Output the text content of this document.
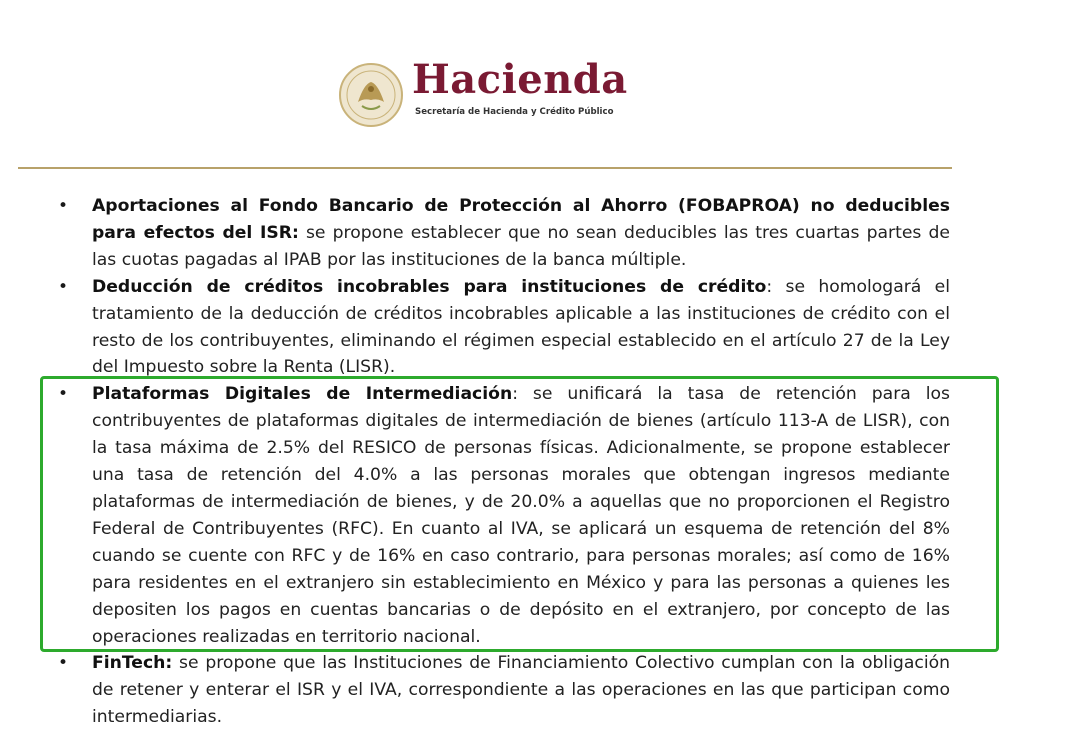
Hacienda
Secretaría de Hacienda y Crédito Público
• Aportaciones al Fondo Bancario de Protección al Ahorro (FOBAPROA) no deducibles para efectos del ISR: se propone establecer que no sean deducibles las tres cuartas partes de las cuotas pagadas al IPAB por las instituciones de la banca múltiple.
• Deducción de créditos incobrables para instituciones de crédito: se homologará el tratamiento de la deducción de créditos incobrables aplicable a las instituciones de crédito con el resto de los contribuyentes, eliminando el régimen especial establecido en el artículo 27 de la Ley del Impuesto sobre la Renta (LISR).
• Plataformas Digitales de Intermediación: se unificará la tasa de retención para los contribuyentes de plataformas digitales de intermediación de bienes (artículo 113-A de LISR), con la tasa máxima de 2.5% del RESICO de personas físicas. Adicionalmente, se propone establecer una tasa de retención del 4.0% a las personas morales que obtengan ingresos mediante plataformas de intermediación de bienes, y de 20.0% a aquellas que no proporcionen el Registro Federal de Contribuyentes (RFC). En cuanto al IVA, se aplicará un esquema de retención del 8% cuando se cuente con RFC y de 16% en caso contrario, para personas morales; así como de 16% para residentes en el extranjero sin establecimiento en México y para las personas a quienes les depositen los pagos en cuentas bancarias o de depósito en el extranjero, por concepto de las operaciones realizadas en territorio nacional.
• FinTech: se propone que las Instituciones de Financiamiento Colectivo cumplan con la obligación de retener y enterar el ISR y el IVA, correspondiente a las operaciones en las que participan como intermediarias.
